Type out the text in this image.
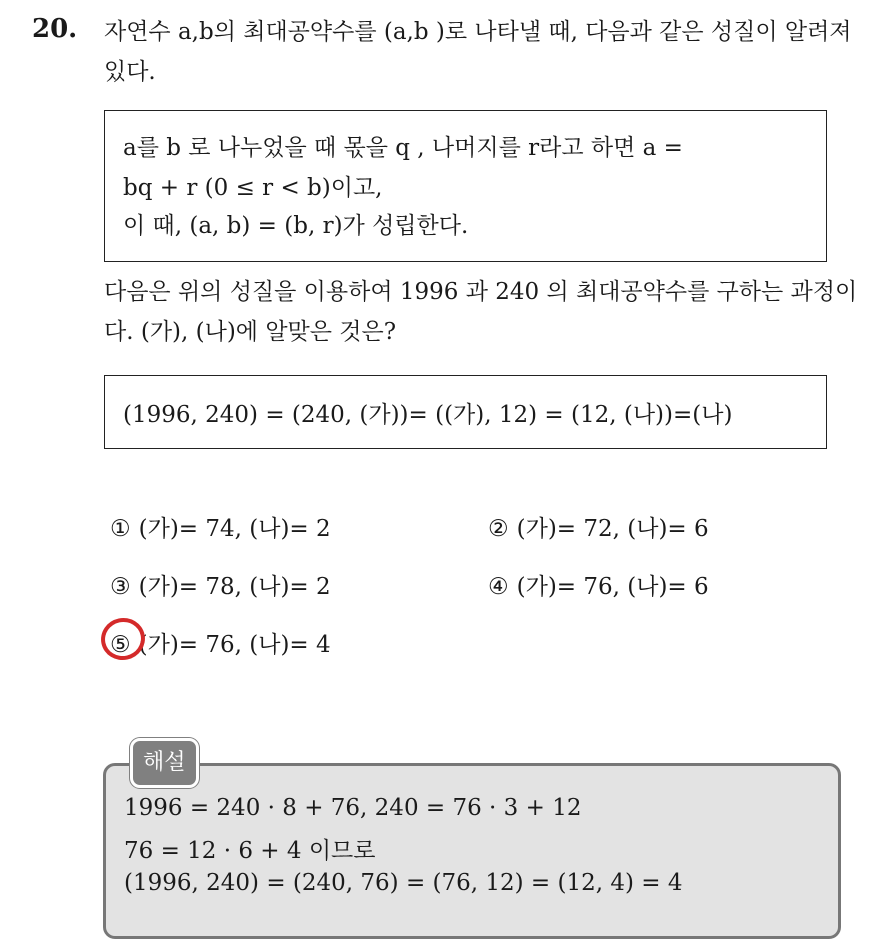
20. 자연수 a,b의 최대공약수를 (a,b )로 나타낼 때, 다음과 같은 성질이 알려져 있다.
a를 b 로 나누었을 때 몫을 q , 나머지를 r라고 하면 a =
bq + r (0 ≤ r < b)이고,
이 때, (a, b) = (b, r)가 성립한다.
다음은 위의 성질을 이용하여 1996 과 240 의 최대공약수를 구하는 과정이다. (가), (나)에 알맞은 것은?
(1996, 240) = (240, (가))= ((가), 12) = (12, (나))=(나)
① (가)= 74, (나)= 2	② (가)= 72, (나)= 6
③ (가)= 78, (나)= 2	④ (가)= 76, (나)= 6
⑤ (가)= 76, (나)= 4
해설
1996 = 240 · 8 + 76, 240 = 76 · 3 + 12
76 = 12 · 6 + 4 이므로
(1996, 240) = (240, 76) = (76, 12) = (12, 4) = 4
